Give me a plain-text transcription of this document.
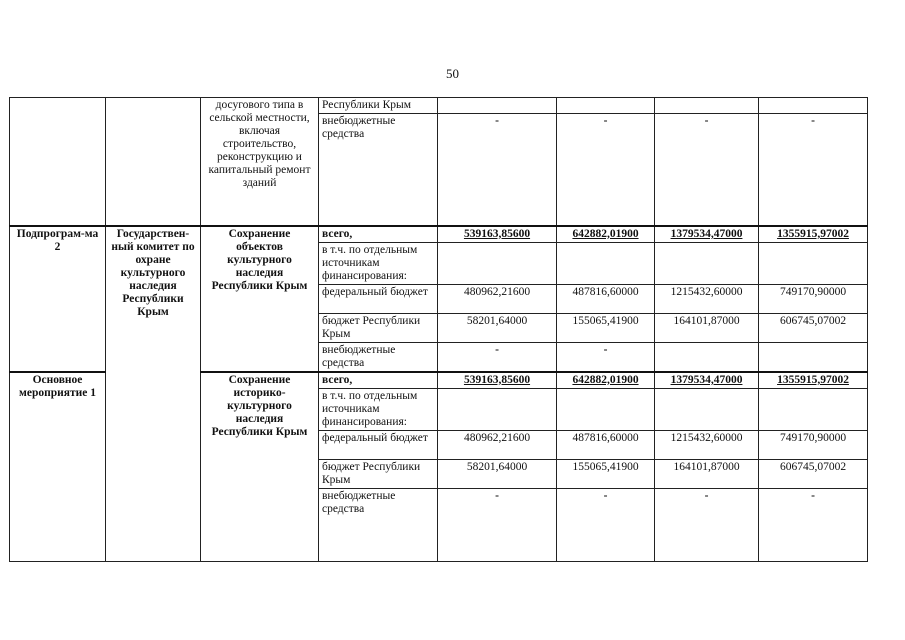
50
		досугового типа в сельской местности, включая строительство, реконструкцию и капитальный ремонт зданий	Республики Крым				
			внебюджетные средства	-	-	-	-
Подпрограм-ма 2	Государствен-ный комитет по охране культурного наследия Республики Крым	Сохранение объектов культурного наследия Республики Крым	всего,	539163,85600	642882,01900	1379534,47000	1355915,97002
			в т.ч. по отдельным источникам финансирования:				
			федеральный бюджет	480962,21600	487816,60000	1215432,60000	749170,90000
			бюджет Республики Крым	58201,64000	155065,41900	164101,87000	606745,07002
			внебюджетные средства	-	-		
Основное мероприятие 1		Сохранение историко-культурного наследия Республики Крым	всего,	539163,85600	642882,01900	1379534,47000	1355915,97002
			в т.ч. по отдельным источникам финансирования:				
			федеральный бюджет	480962,21600	487816,60000	1215432,60000	749170,90000
			бюджет Республики Крым	58201,64000	155065,41900	164101,87000	606745,07002
			внебюджетные средства	-	-	-	-
